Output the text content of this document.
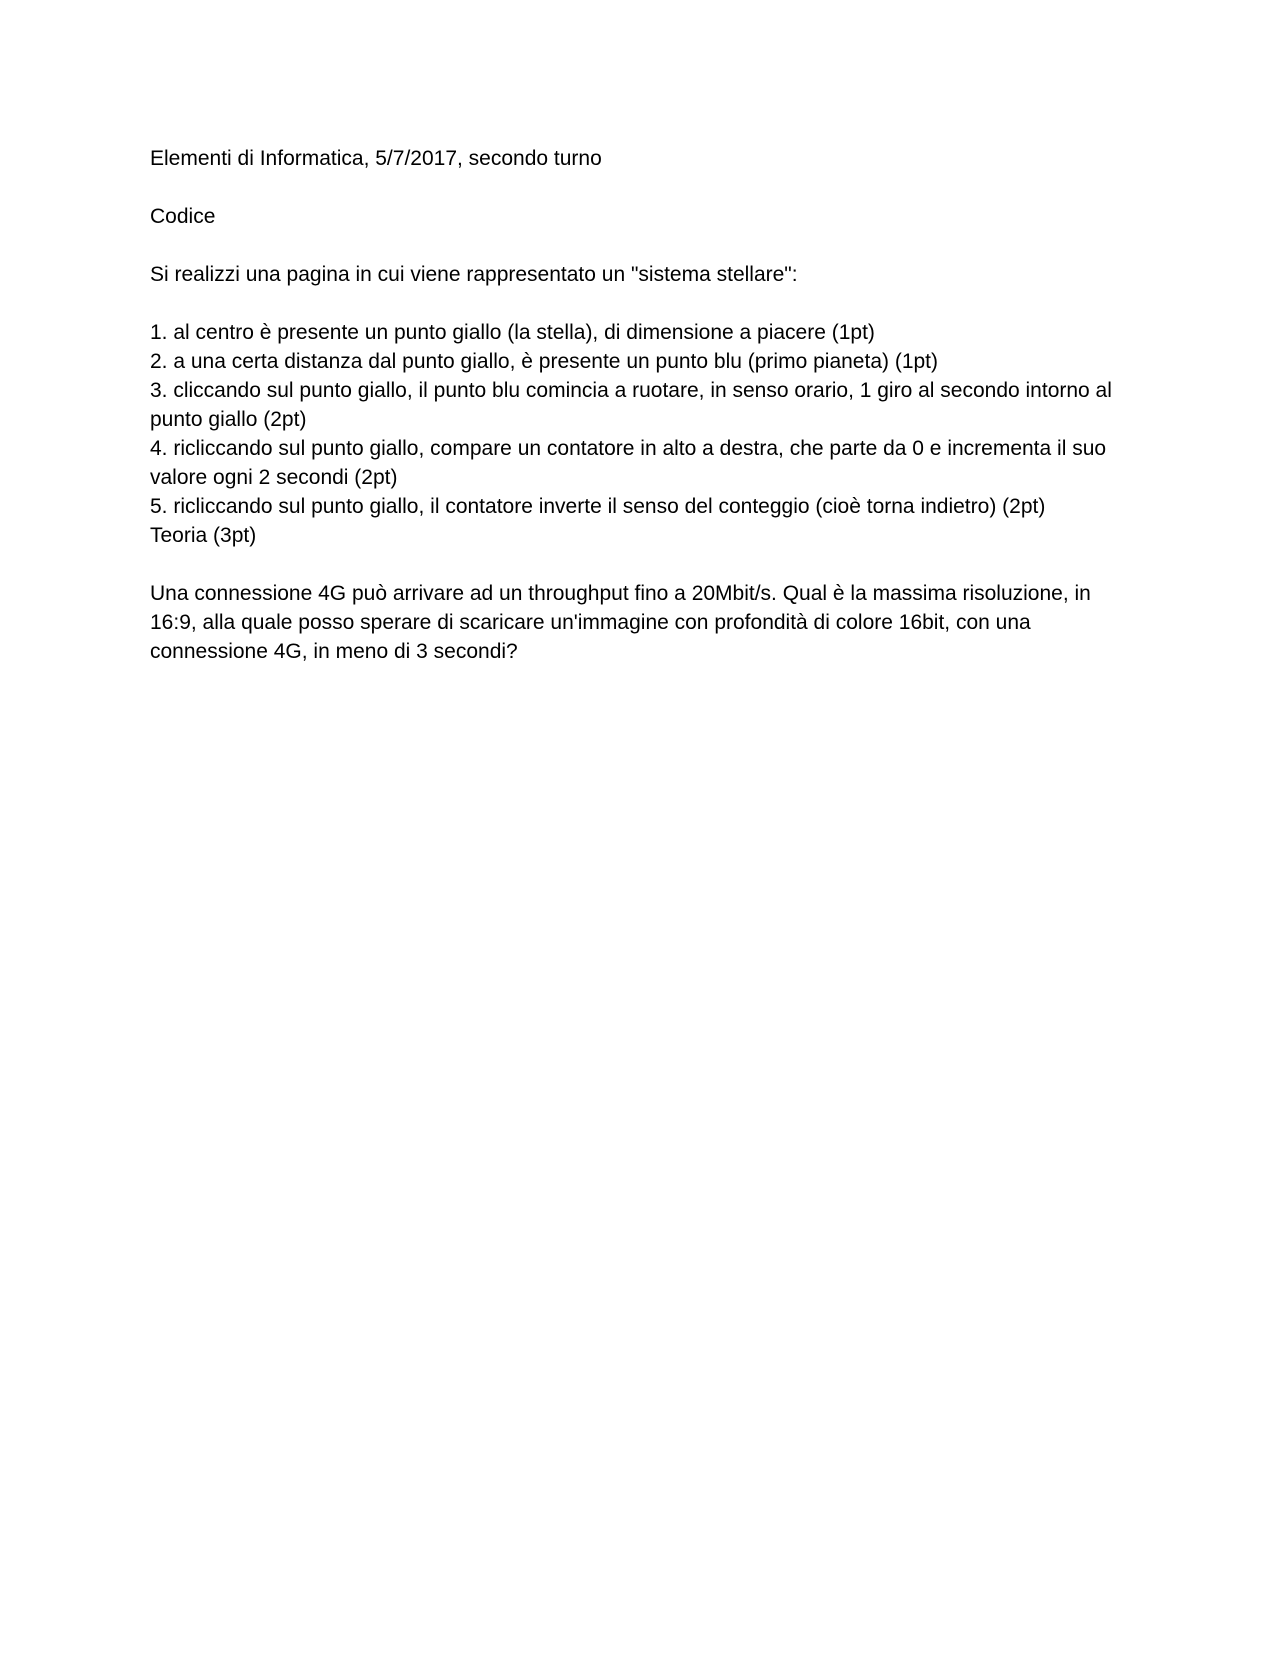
Elementi di Informatica, 5/7/2017, secondo turno

Codice

Si realizzi una pagina in cui viene rappresentato un "sistema stellare":

1. al centro è presente un punto giallo (la stella), di dimensione a piacere (1pt)

2. a una certa distanza dal punto giallo, è presente un punto blu (primo pianeta) (1pt)

3. cliccando sul punto giallo, il punto blu comincia a ruotare, in senso orario, 1 giro al secondo intorno al punto giallo (2pt)

4. ricliccando sul punto giallo, compare un contatore in alto a destra, che parte da 0 e incrementa il suo valore ogni 2 secondi (2pt)

5. ricliccando sul punto giallo, il contatore inverte il senso del conteggio (cioè torna indietro) (2pt)

Teoria (3pt)

Una connessione 4G può arrivare ad un throughput fino a 20Mbit/s. Qual è la massima risoluzione, in 16:9, alla quale posso sperare di scaricare un'immagine con profondità di colore 16bit, con una connessione 4G, in meno di 3 secondi?
